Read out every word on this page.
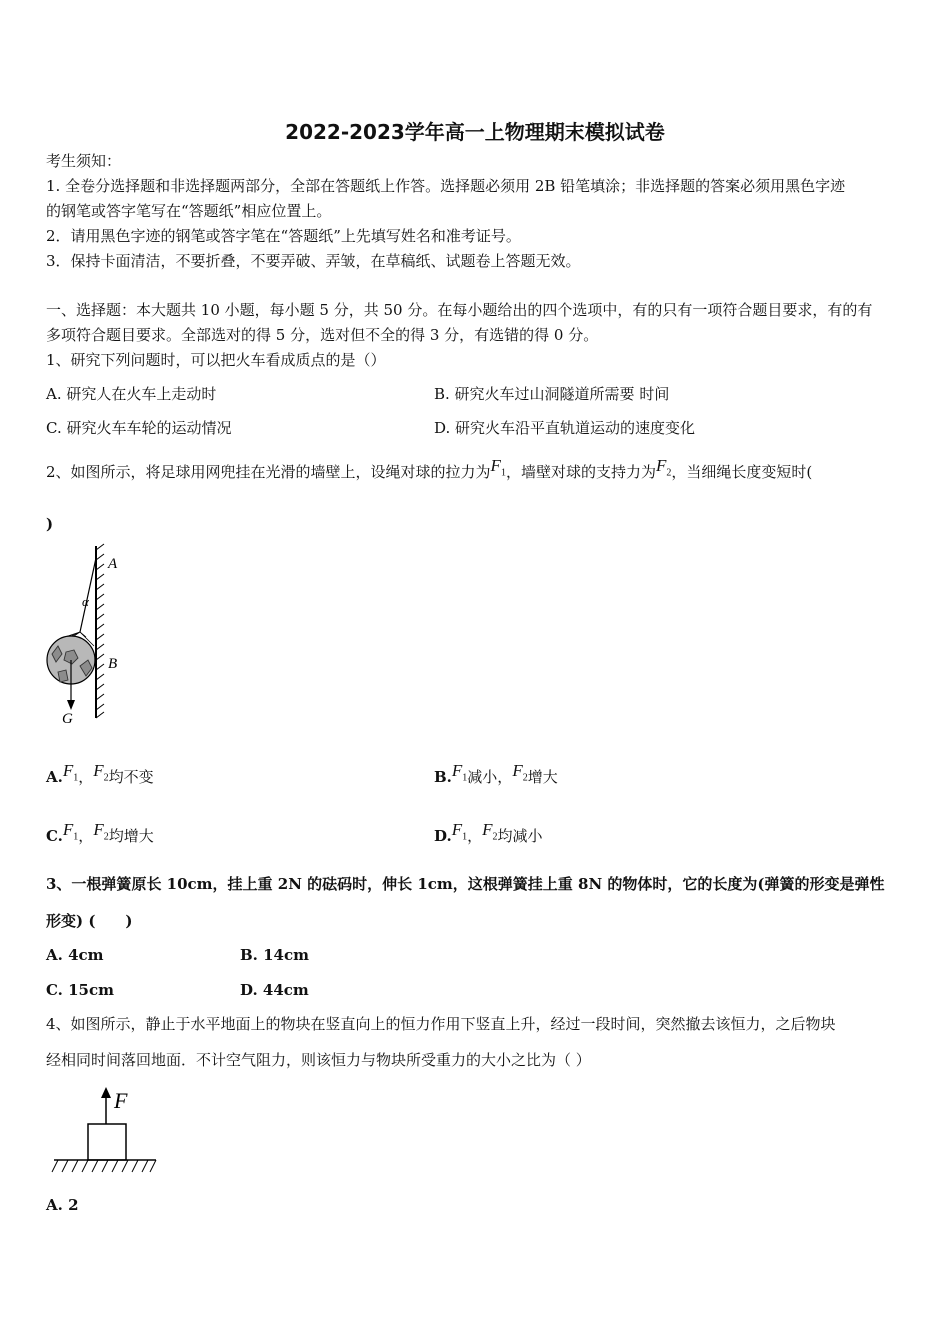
2022-2023学年高一上物理期末模拟试卷
考生须知：
1. 全卷分选择题和非选择题两部分，全部在答题纸上作答。选择题必须用 2B 铅笔填涂；非选择题的答案必须用黑色字迹
的钢笔或答字笔写在“答题纸”相应位置上。
2．请用黑色字迹的钢笔或答字笔在“答题纸”上先填写姓名和准考证号。
3．保持卡面清洁，不要折叠，不要弄破、弄皱，在草稿纸、试题卷上答题无效。
一、选择题：本大题共 10 小题，每小题 5 分，共 50 分。在每小题给出的四个选项中，有的只有一项符合题目要求，有的有
多项符合题目要求。全部选对的得 5 分，选对但不全的得 3 分，有选错的得 0 分。
1、研究下列问题时，可以把火车看成质点的是（）
A. 研究人在火车上走动时	B. 研究火车过山洞隧道所需要 时间
C. 研究火车车轮的运动情况	D. 研究火车沿平直轨道运动的速度变化
2、如图所示，将足球用网兜挂在光滑的墙壁上，设绳对球的拉力为$F_1$，墙壁对球的支持力为$F_2$，当细绳长度变短时(
)
A
B
G
α
$A.F_1$，$F_2$均不变	$B.F_1$减小，$F_2$增大
$C.F_1$，$F_2$均增大	$D.F_1$，$F_2$均减小
3、一根弹簧原长 10cm，挂上重 2N 的砝码时，伸长 1cm，这根弹簧挂上重 8N 的物体时，它的长度为(弹簧的形变是弹性
形变) (　　)
A. 4cm	B. 14cm
C. 15cm	D. 44cm
4、如图所示，静止于水平地面上的物块在竖直向上的恒力作用下竖直上升，经过一段时间，突然撤去该恒力，之后物块
经相同时间落回地面．不计空气阻力，则该恒力与物块所受重力的大小之比为（ ）
F
A. 2
